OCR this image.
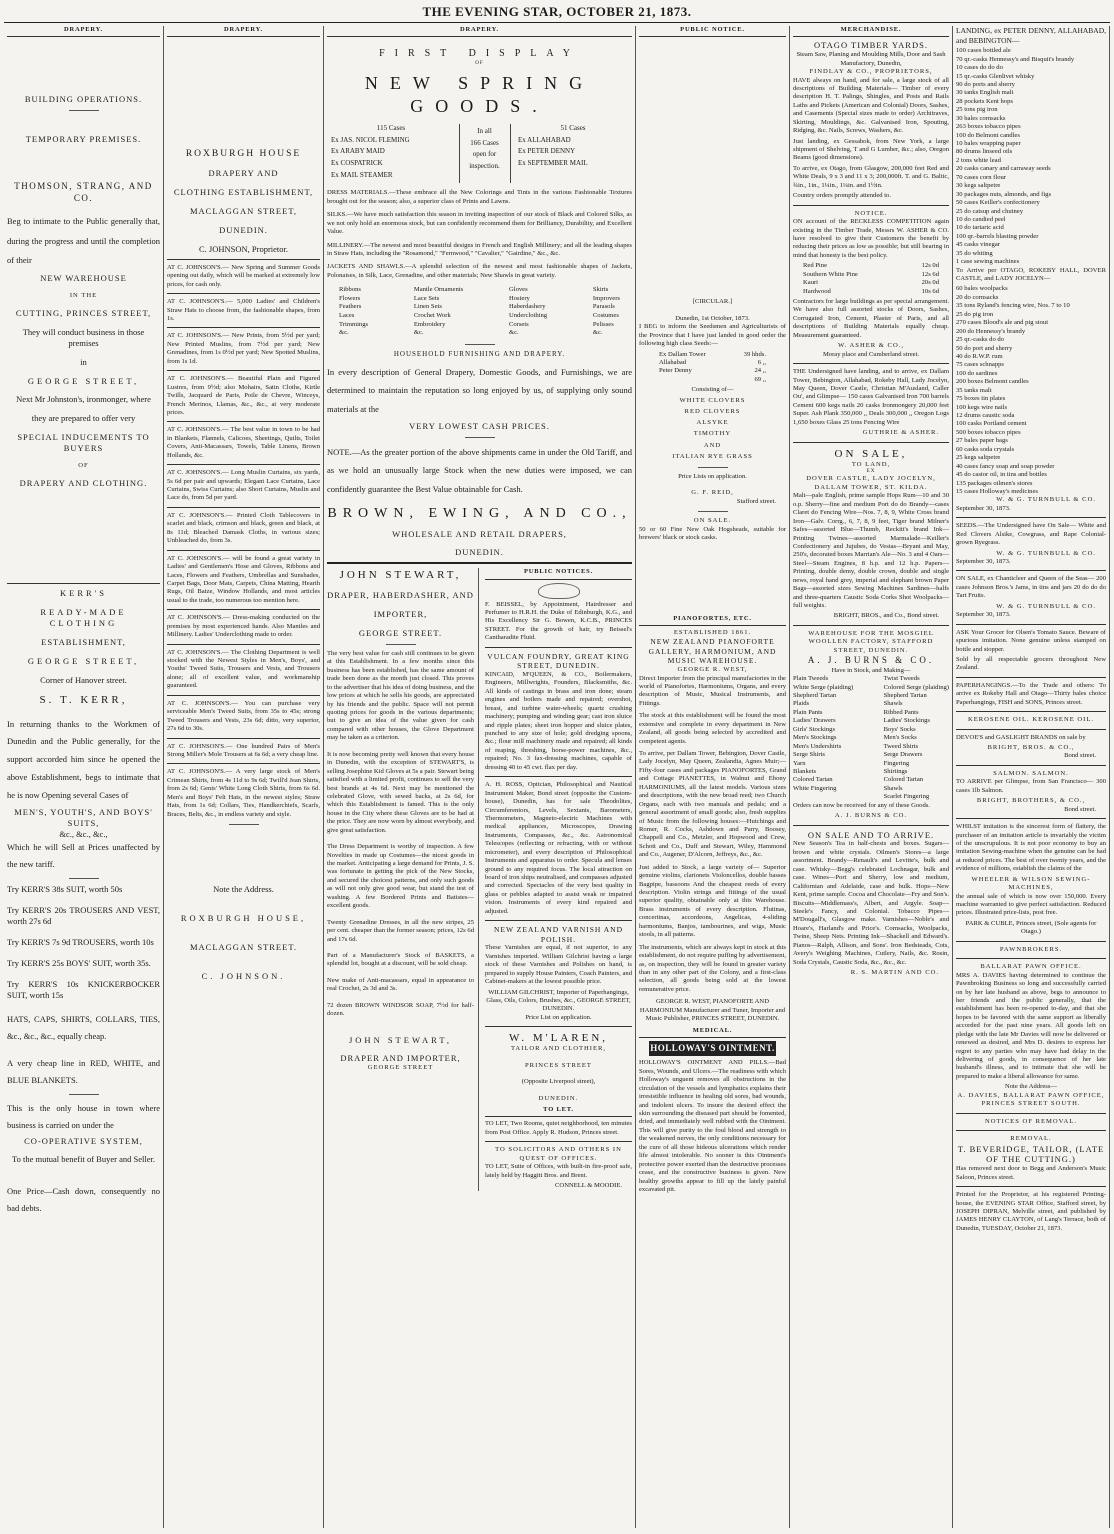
THE EVENING STAR, OCTOBER 21, 1873.
DRAPERY.
BUILDING OPERATIONS.
TEMPORARY PREMISES.
THOMSON, STRANG, AND CO.
Beg to intimate to the Public generally that, during the progress and until the completion of their
NEW WAREHOUSE
IN THE
CUTTING, PRINCES STREET,
They will conduct business in those premises
in
GEORGE STREET,
Next Mr Johnston's, ironmonger, where
they are prepared to offer very
SPECIAL INDUCEMENTS TO BUYERS
OF
DRAPERY AND CLOTHING.
KERR'S
READY-MADE CLOTHING
ESTABLISHMENT,
GEORGE STREET,
Corner of Hanover street.
S. T. KERR,
In returning thanks to the Workmen of Dunedin and the Public generally, for the support accorded him since he opened the above Establishment, begs to intimate that he is now Opening several Cases of
MEN'S, YOUTH'S, AND BOYS' SUITS,
&c., &c., &c.,
Which he will Sell at Prices unaffected by the new tariff.
Try KERR'S 38s SUIT, worth 50s
Try KERR'S 20s TROUSERS AND VEST, worth 27s 6d
Try KERR'S 7s 9d TROUSERS, worth 10s
Try KERR'S 25s BOYS' SUIT, worth 35s.
Try KERR'S 10s KNICKERBOCKER SUIT, worth 15s
HATS, CAPS, SHIRTS, COLLARS, TIES, &c., &c., &c., equally cheap.
A very cheap line in RED, WHITE, and BLUE BLANKETS.
This is the only house in town where business is carried on under the
CO-OPERATIVE SYSTEM,
To the mutual benefit of Buyer and Seller.
One Price—Cash down, consequently no bad debts.
DRAPERY.
ROXBURGH HOUSE
DRAPERY AND
CLOTHING ESTABLISHMENT,
MACLAGGAN STREET,
DUNEDIN.
C. JOHNSON, Proprietor.
AT C. JOHNSON'S.— New Spring and Summer Goods opening out daily, which will be marked at extremely low prices, for cash only.
AT C. JOHNSON'S.— 5,000 Ladies' and Children's Straw Hats to choose from, the fashionable shapes, from 1s.
AT C. JOHNSON'S.— New Prints, from 5½d per yard; New Printed Muslins, from 7½d per yard; New Grenadines, from 1s 0½d per yard; New Spotted Muslins, from 1s 1d.
AT C. JOHNSON'S.— Beautiful Plain and Figured Lustres, from 9½d; also Mohairs, Satin Cloths, Kirtle Twills, Jacquard de Paris, Poile de Chevre, Winceys, French Merinos, Llamas, &c., &c., at very moderate prices.
AT C. JOHNSON'S.— The best value in town to be had in Blankets, Flannels, Calicoes, Sheetings, Quilts, Toilet Covers, Anti-Macassars, Towels, Table Linens, Brown Hollands, &c.
AT C. JOHNSON'S.— Long Muslin Curtains, six yards, 5s 6d per pair and upwards; Elegant Lace Curtains, Lace Curtains, Swiss Curtains; also Short Curtains, Muslin and Lace do, from 5d per yard.
AT C. JOHNSON'S.— Printed Cloth Tablecovers in scarlet and black, crimson and black, green and black, at 8s 11d; Bleached Damask Cloths, in various sizes; Unbleached do, from 3s.
AT C. JOHNSON'S.— will be found a great variety in Ladies' and Gentlemen's Hose and Gloves, Ribbons and Laces, Flowers and Feathers, Umbrellas and Sunshades, Carpet Bags, Door Mats, Carpets, China Matting, Hearth Rugs, Oil Baize, Window Hollands, and most articles usual to the trade, too numerous too mention here.
AT C. JOHNSON'S.— Dress-making conducted on the premises by most experienced hands. Also Mantles and Millinery. Ladies' Underclothing made to order.
AT C. JOHNSON'S.— The Clothing Department is well stocked with the Newest Styles in Men's, Boys', and Youths' Tweed Suits, Trousers and Vests, and Trousers alone; all of excellent value, and workmanship guaranteed.
AT C. JOHNSON'S.— You can purchase very serviceable Men's Tweed Suits, from 35s to 45s; strong Tweed Trousers and Vests, 23s 6d; ditto, very superior, 27s 6d to 30s.
AT C. JOHNSON'S.— One hundred Pairs of Men's Strong Miller's Mole Trousers at 6s 6d; a very cheap line.
AT C. JOHNSON'S.— A very large stock of Men's Crimean Shirts, from 4s 11d to 9s 6d; Twill'd Jean Shirts, from 2s 6d; Gents' White Long Cloth Shirts, from 6s 6d. Men's and Boys' Felt Hats, in the newest styles; Straw Hats, from 1s 6d; Collars, Ties, Handkerchiefs, Scarfs, Braces, Belts, &c., in endless variety and style.
Note the Address.
ROXBURGH HOUSE,
MACLAGGAN STREET.
C. JOHNSON.
DRAPERY.
FIRST DISPLAY
OF
NEW SPRING GOODS.
115 Cases
Ex JAS. NICOL FLEMING
Ex ARABY MAID
Ex COSPATRICK
Ex MAIL STEAMER
In all
166 Cases
open for
inspection.
51 Cases
Ex ALLAHABAD
Ex PETER DENNY
Ex SEPTEMBER MAIL
DRESS MATERIALS.—These embrace all the New Colorings and Tints in the various Fashionable Textures brought out for the season; also, a superior class of Prints and Lawns.
SILKS.—We have much satisfaction this season in inviting inspection of our stock of Black and Colored Silks, as we not only hold an enormous stock, but can confidently recommend them for Brilliancy, Durability, and Excellent Value.
MILLINERY.—The newest and most beautiful designs in French and English Millinery; and all the leading shapes in Straw Hats, including the "Rosamond," "Fernwood," "Cavalier," "Gairdine," &c., &c.
JACKETS AND SHAWLS.—A splendid selection of the newest and most fashionable shapes of Jackets, Polonaises, in Silk, Lace, Grenadine, and other materials; New Shawls in great variety.
Ribbons
Flowers
Feathers
Laces
Trimmings
&c.
Mantle Ornaments
Lace Sets
Linen Sets
Crochet Work
Embroidery
&c.
Gloves
Hosiery
Haberdashery
Underclothing
Corsets
&c.
Skirts
Improvers
Parasols
Costumes
Pelisses
&c.
HOUSEHOLD FURNISHING AND DRAPERY.
In every description of General Drapery, Domestic Goods, and Furnishings, we are determined to maintain the reputation so long enjoyed by us, of supplying only sound materials at the
VERY LOWEST CASH PRICES.
NOTE.—As the greater portion of the above shipments came in under the Old Tariff, and as we hold an unusually large Stock when the new duties were imposed, we can confidently guarantee the Best Value obtainable for Cash.
BROWN, EWING, AND CO.,
WHOLESALE AND RETAIL DRAPERS,
DUNEDIN.
JOHN STEWART,
DRAPER, HABERDASHER, AND
IMPORTER,
GEORGE STREET.
The very best value for cash still continues to be given at this Establishment. In a few months since this business has been established, has the same amount of trade been done as the month just closed. This proves to the advertiser that his idea of doing business, and the low prices at which he sells his goods, are appreciated by his friends and the public. Space will not permit quoting prices for goods in the various departments; but to give an idea of the value given for cash compared with other houses, the Glove Department may be taken as a criterion.
It is now becoming pretty well known that every house in Dunedin, with the exception of STEWART'S, is selling Josephine Kid Gloves at 5s a pair. Stewart being satisfied with a limited profit, continues to sell the very best brands at 4s 6d. Next may be mentioned the celebrated Glove, with sewed backs, at 2s 6d, for which this Establishment is famed. This is the only house in the City where these Gloves are to be had at the price. They are now worn by almost everybody, and give great satisfaction.
The Dress Department is worthy of inspection. A few Novelties in made up Costumes—the nicest goods in the market. Anticipating a large demand for Prints, J. S. was fortunate in getting the pick of the New Stocks, and secured the choicest patterns, and only such goods as will not only give good wear, but stand the test of washing. A few Bordered Prints and Batistes—excellent goods.
Twenty Grenadine Dresses, in all the new stripes, 25 per cent. cheaper than the former season; prices, 12s 6d and 17s 6d.
Part of a Manufacturer's Stock of BASKETS, a splendid lot, bought at a discount, will be sold cheap.
New make of Anti-macassars, equal in appearance to real Crochet, 2s 3d and 3s.
72 dozen BROWN WINDSOR SOAP, 7½d for half-dozen.
JOHN STEWART,
DRAPER AND IMPORTER,
GEORGE STREET
PUBLIC NOTICES.
F. BEISSEL, by Appointment, Hairdresser and Perfumer to H.R.H. the Duke of Edinburgh, K.G., and His Excellency Sir G. Bowen, K.C.B., PRINCES STREET. For the growth of hair, try Beissel's Cantharadite Fluid.
VULCAN FOUNDRY, GREAT KING STREET, DUNEDIN.
KINCAID, M'QUEEN, & CO., Boilermakers, Engineers, Millwrights, Founders, Blacksmiths, &c. All kinds of castings in brass and iron done; steam engines and boilers made and repaired; overshot, breast, and turbine water-wheels; quartz crushing machinery; pumping and winding gear; cast iron sluice and ripple plates; sheet iron hopper and sluice plates, punched to any size of hole; gold dredging spoons, &c.; flour mill machinery made and repaired; all kinds of reaping, threshing, horse-power machines, &c., repaired; No. 3 fax-dressing machines, capable of dressing 40 to 45 cwt. flax per day.
A. H. ROSS, Optician, Philosophical and Nautical Instrument Maker, Bond street (opposite the Custom-house), Dunedin, has for sale Theodolites, Circumferentors, Levels, Sextants, Barometers, Thermometers, Magneto-electric Machines with medical appliances, Microscopes, Drawing Instruments, Compasses, &c., &c. Astronomical Telescopes (reflecting or refracting, with or without micrometer), and every description of Philosophical Instruments and apparatus to order. Specula and lenses ground to any required focus. The local attraction on board of iron ships neutralised, and compasses adjusted and corrected. Spectacles of the very best quality in glass or pebbles adapted to assist weak or impaired vision. Instruments of every kind repaired and adjusted.
NEW ZEALAND VARNISH AND POLISH.
These Varnishes are equal, if not superior, to any Varnishes imported. William Gilchrist having a large stock of these Varnishes and Polishes on hand, is prepared to supply House Painters, Coach Painters, and Cabinet-makers at the lowest possible price.
WILLIAM GILCHRIST, Importer of Paperhangings, Glass, Oils, Colors, Brushes, &c., GEORGE STREET, DUNEDIN.
Price List on application.
W. M'LAREN,
TAILOR AND CLOTHIER,
PRINCES STREET
(Opposite Liverpool street),
DUNEDIN.
TO LET.
TO LET, Two Rooms, quiet neighborhood, ten minutes from Post Office. Apply R. Hudson, Princes street.
TO SOLICITORS AND OTHERS IN QUEST OF OFFICES.
TO LET, Suite of Offices, with built-in fire-proof safe, lately held by Haggitt Bros. and Brent.
CONNELL & MOODIE.
PUBLIC NOTICE.
[CIRCULAR.]
Dunedin, 1st October, 1873.
I BEG to inform the Seedsmen and Agriculturists of the Province that I have just landed in good order the following high class Seeds:—
Ex Dallam Tower	39 hhds.
Allahabad	6 ,,
Peter Denny	24 ,,
69 ,,
Consisting of—
WHITE CLOVERS
RED CLOVERS
ALSYKE
TIMOTHY
AND
ITALIAN RYE GRASS
Price Lists on application.
G. F. REID,
Stafford street.
ON SALE.
50 or 60 Fine New Oak Hogsheads, suitable for brewers' black or stock casks.
PIANOFORTES, ETC.
ESTABLISHED 1861.
NEW ZEALAND PIANOFORTE GALLERY, HARMONIUM, AND MUSIC WAREHOUSE.
GEORGE R. WEST,
Direct Importer from the principal manufactories in the world of Pianofortes, Harmoniums, Organs, and every description of Music, Musical Instruments, and Fittings.
The stock at this establishment will be found the most extensive and complete in every department in New Zealand, all goods being selected by accredited and competent agents.
To arrive, per Dallam Tower, Bebington, Dover Castle, Lady Jocelyn, May Queen, Zealandia, Agnes Muir;—Fifty-four cases and packages PIANOFORTES, Grand and Cottage PIANETTES, in Walnut and Ebony HARMONIUMS, all the latest models. Various sizes and descriptions, with the new broad reed; two Church Organs, each with two manuals and pedals; and a general assortment of small goods; also, fresh supplies of Music from the following houses:—Hutchings and Romer, R. Cocks, Ashdown and Parry, Boosey, Chappell and Co., Metzler, and Hopwood and Crew, Schott and Co., Duff and Stewart, Wiley, Hammond and Co., Augener, D'Alcorn, Jeffreys, &c., &c.
Just added to Stock, a large variety of— Superior genuine violins, clarionets Violoncellos, double basses Bagpipe, bassoons And the cheapest reeds of every description. Violin strings and fittings of the usual superior quality, obtainable only at this Warehouse. Brass instruments of every description. Flutinas, concertinas, accordeons, Angelicas, 4-sliding harmoniums, Banjos, tambourines, and wigs, Music stools, in all patterns.
The instruments, which are always kept in stock at this establishment, do not require puffing by advertisement, as, on inspection, they will be found in greater variety than in any other part of the Colony, and a first-class selection, all goods being sold at the lowest remunerative price.
GEORGE R. WEST, PIANOFORTE AND HARMONIUM Manufacturer and Tuner, Importer and Music Publisher, PRINCES STREET, DUNEDIN.
MEDICAL.
HOLLOWAY'S OINTMENT.
HOLLOWAY'S OINTMENT AND PILLS.—Bad Sores, Wounds, and Ulcers.—The readiness with which Holloway's unguent removes all obstructions in the circulation of the vessels and lymphatics explains their irresistible influence in healing old sores, bad wounds, and indolent ulcers. To insure the desired effect the skin surrounding the diseased part should be fomented, dried, and immediately well rubbed with the Ointment. This will give purity to the foul blood and strength to the weakened nerves, the only conditions necessary for the cure of all those hideous ulcerations which render life almost intolerable. No sooner is this Ointment's protective power exerted than the destructive processes cease, and the constructive business is given. New healthy growths appear to fill up the lately painful excavated pit.
MERCHANDISE.
OTAGO TIMBER YARDS.
Steam Saw, Planing and Moulding Mills, Door and Sash Manufactory, Dunedin,
FINDLAY & CO., PROPRIETORS,
HAVE always on hand, and for sale, a large stock of all descriptions of Building Materials— Timber of every description H. T. Palings, Shingles, and Posts and Rails Laths and Pickets (American and Colonial) Doors, Sashes, and Casements (Special sizes made to order) Architraves, Skirting, Mouldings, &c. Galvanised Iron, Spouting, Ridging, &c. Nails, Screws, Washers, &c.
Just landing, ex Gessabok, from New York, a large shipment of Shelving, T and G Lumber, &c.; also, Oregon Beams (good dimensions).
To arrive, ex Otago, from Glasgow, 200,000 feet Red and White Deals, 9 x 3 and 11 x 3; 200,000ft. T. and G. Baltic, ¾in., 1in., 1¼in., 1¼in. and 1½in.
Country orders promptly attended to.
NOTICE.
ON account of the RECKLESS COMPETITION again existing in the Timber Trade, Messrs W. ASHER & CO. have resolved to give their Customers the benefit by reducing their prices as low as possible; but still bearing in mind that honesty is the best policy.
Red Pine	12s 0d
Southern White Pine	12s 6d
Kauri	20s 0d
Hardwood	10s 6d
Contractors for large buildings as per special arrangement. We have also full assorted stocks of Doors, Sashes, Corrugated Iron, Cement, Plaster of Paris, and all descriptions of Building Materials equally cheap. Measurement guaranteed.
W. ASHER & CO.,
Moray place and Cumberland street.
THE Undersigned have landing, and to arrive, ex Dallam Tower, Bebington, Allahabad, Rokeby Hall, Lady Jocelyn, May Queen, Dover Castle, Christian M'Ausland, Caller Ou', and Glimpse— 150 cases Galvanised Iron 700 barrels Cement 600 kegs nails 20 casks Ironmongery 20,000 feet Super. Ash Plank 350,000 ,, Deals 300,000 ,, Oregon Logs 1,650 boxes Glass 25 tons Fencing Wire
GUTHRIE & ASHER.
ON SALE,
TO LAND,
EX
DOVER CASTLE, LADY JOCELYN, DALLAM TOWER, ST. KILDA.
Malt—pale English, prime sample Hops Rum—10 and 30 o.p. Sherry—fine and medium Port do do Brandy—cases Claret do Fencing Wire—Nos. 7, 8, 9, White Cross brand Iron—Galv. Corrg., 6, 7, 8, 9 feet, Tiger brand Milner's Safes—assorted Blue—Thumb, Reckitt's brand Ink—Printing Twines—assorted Marmalade—Keiller's Confectionery and Jujubes, do Vestas—Bryant and May, 250's, decorated boxes Marrian's Ale—No. 3 and 4 Oars—Steel—Steam Engines, 8 h.p. and 12 h.p. Papers—Printing, double demy, double crown, double and single news, royal hand grey, imperial and elephant brown Paper Bags—assorted sizes Sewing Machines Sardines—halfs and three-quarters Caustic Soda Corks Shot Woolpacks—full weights.
BRIGHT, BROS., and Co., Bond street.
WAREHOUSE FOR THE MOSGIEL WOOLLEN FACTORY, STAFFORD STREET, DUNEDIN.
A. J. BURNS & CO.
Have in Stock, and Making—
Plain Tweeds
White Serge (plaiding)
Shepherd Tartan
Plaids
Plain Pants
Ladies' Drawers
Girls' Stockings
Men's Stockings
Men's Undershirts
Serge Shirts
Yarn
Blankets
Colored Tartan
White Fingering
Twist Tweeds
Colored Serge (plaiding)
Shepherd Tartan
Shawls
Ribbed Pants
Ladies' Stockings
Boys' Socks
Men's Socks
Tweed Shirts
Serge Drawers
Fingering
Shirtings
Colored Tartan
Shawls
Scarlet Fingering
Orders can now be received for any of these Goods.
A. J. BURNS & CO.
ON SALE AND TO ARRIVE.
New Season's Tea in half-chests and boxes. Sugars—brown and white crystals. Oilmen's Stores—a large assortment. Brandy—Renault's and Levitte's, bulk and case. Whisky—Begg's celebrated Lochnagar, bulk and case. Wines—Port and Sherry, low and medium, Californian and Adelaide, case and bulk. Hops—New Kent, prime sample. Cocoa and Chocolate—Fry and Son's. Biscuits—Middlemass's, Albert, and Argyle. Soap—Steele's Fancy, and Colonial. Tobacco Pipes—M'Dougall's, Glasgow make. Varnishes—Noble's and Hoare's, Harland's and Price's. Cornsacks, Woolpacks, Twine, Sheep Nets. Printing Ink—Shackell and Edward's. Pianos—Ralph, Allison, and Sons'. Iron Bedsteads, Cots, Avery's Weighing Machines, Cutlery, Nails, &c. Rosin, Soda Crystals, Caustic Soda, &c., &c., &c.
R. S. MARTIN AND CO.
LANDING, ex PETER DENNY, ALLAHABAD, and BEBINGTON—
100 cases bottled ale
70 qr.-casks Hennessy's and Bisquit's brandy
10 cases do do do
15 qr.-casks Glenlivet whisky
90 do ports and sherry
30 tanks English malt
28 pockets Kent hops
25 tons pig iron
30 bales cornsacks
263 boxes tobacco pipes
100 do Belmont candles
10 bales wrapping paper
80 drums linseed oils
2 tons white lead
20 casks canary and carraway seeds
70 cases corn flour
30 kegs saltpetre
30 packages nuts, almonds, and figs
50 cases Keiller's confectionery
25 do catsup and chutney
10 do candied peel
10 do tartaric acid
100 qr.-barrels blasting powder
45 casks vinegar
35 do whiting
1 case sewing machines
To Arrive per OTAGO, ROKEBY HALL, DOVER CASTLE, and LADY JOCELYN—
60 bales woolpacks
20 do cornsacks
35 tons Ryland's fencing wire, Nos. 7 to 10
25 do pig iron
270 cases Blood's ale and pig stout
200 do Hennessy's brandy
25 qr.-casks do do
50 do port and sherry
40 do R.W.P. rum
75 cases schnapps
100 do sardines
200 boxes Belmont candles
35 tanks malt
75 boxes tin plates
100 kegs wire nails
12 drums caustic soda
100 casks Portland cement
500 boxes tobacco pipes
27 bales paper bags
60 casks soda crystals
25 kegs saltpetre
40 cases fancy soap and soap powder
45 do castor oil, in tins and bottles
135 packages oilmen's stores
15 cases Holloway's medicines
W. & G. TURNBULL & CO.
September 30, 1873.
SEEDS.—The Undersigned have On Sale— White and Red Clovers Alsike, Cowgrass, and Rape Colonial-grown Ryegrass.
W. & G. TURNBULL & CO.
September 30, 1873.
ON SALE, ex Chanticleer and Queen of the Seas— 200 cases Johnson Bros.'s Jams, in tins and jars 20 do do do Tart Fruits.
W. & G. TURNBULL & CO.
September 30, 1873.
ASK Your Grocer for Olsen's Tomato Sauce. Beware of spurious imitation. None genuine unless stamped on bottle and stopper.
Sold by all respectable grocers throughout New Zealand.
PAPERHANGINGS.—To the Trade and others: To arrive ex Rokeby Hall and Otago—Thirty bales choice Paperhangings, FISH and SONS, Princes street.
KEROSENE OIL. KEROSENE OIL.
DEVOE'S and GASLIGHT BRANDS on sale by
BRIGHT, BROS. & CO.,
Bond street.
SALMON. SALMON.
TO ARRIVE per Glimpse, from San Francisco— 300 cases 1lb Salmon.
BRIGHT, BROTHERS, & CO.,
Bond street.
WHILST imitation is the sincerest form of flattery, the purchaser of an imitation article is invariably the victim of the unscrupulous. It is not poor economy to buy an imitation Sewing-machine when the genuine can be had at reduced prices. The best of over twenty years, and the evidence of millions, establish the claims of the
WHEELER & WILSON SEWING-MACHINES,
the annual sale of which is now over 150,000. Every machine warranted to give perfect satisfaction. Reduced prices. Illustrated price-lists, post free.
PARK & CUBLE, Princes street, (Sole agents for Otago.)
PAWNBROKERS.
BALLARAT PAWN OFFICE.
MRS A. DAVIES having determined to continue the Pawnbroking Business so long and successfully carried on by her late husband as above, begs to announce to her friends and the public generally, that the establishment has been re-opened to-day, and that she hopes to be favored with the same support as liberally accorded for the past nine years. All goods left on pledge with the late Mr Davies will now be delivered or renewed as desired, and Mrs D. desires to express her regret to any parties who may have had delay in the delivering of goods, in consequence of her late husband's illness, and to intimate that she will be prepared to make a liberal allowance for same.
Note the Address—
A. DAVIES, BALLARAT PAWN OFFICE, PRINCES STREET SOUTH.
NOTICES OF REMOVAL.
REMOVAL.
T. BEVERIDGE, TAILOR, (LATE OF THE CUTTING.)
Has removed next door to Begg and Anderson's Music Saloon, Princes street.
Printed for the Proprietor, at his registered Printing-house, the EVENING STAR Office, Stafford street, by JOSEPH DIPRAN, Melville street, and published by JAMES HENRY CLAYTON, of Lang's Terrace, both of Dunedin, TUESDAY, October 21, 1873.
